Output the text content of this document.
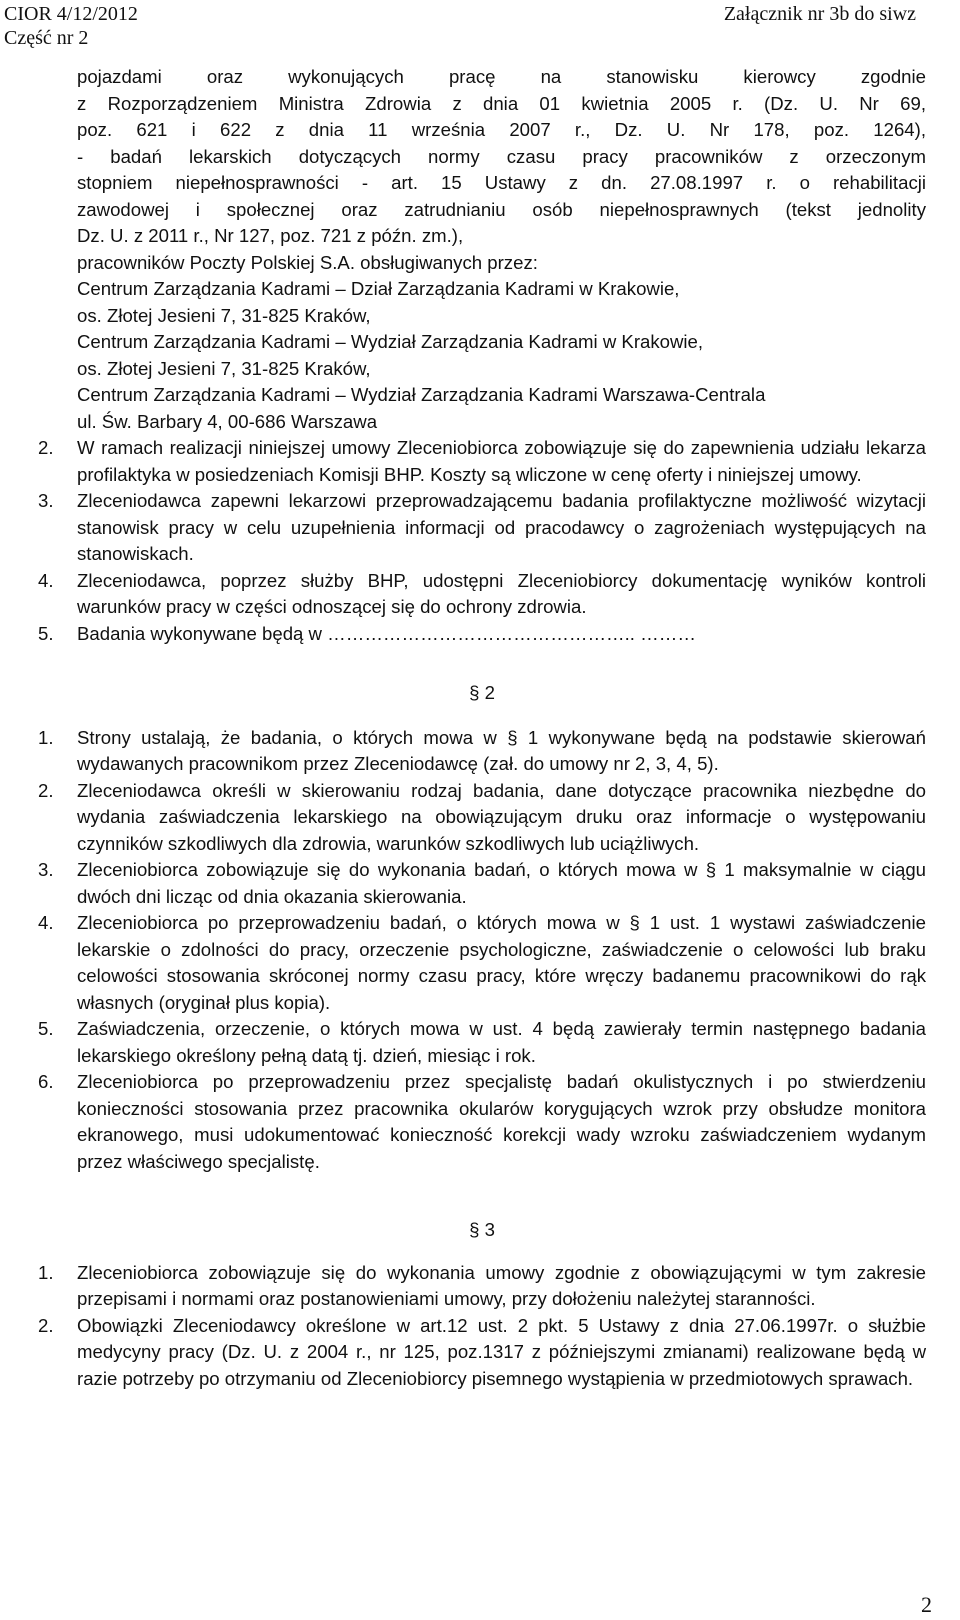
CIOR 4/12/2012
Część nr 2
Załącznik nr 3b do siwz
pojazdami oraz wykonujących pracę na stanowisku kierowcy zgodnie
z Rozporządzeniem Ministra Zdrowia z dnia 01 kwietnia 2005 r. (Dz. U. Nr 69,
poz. 621 i 622 z dnia 11 września 2007 r., Dz. U. Nr 178, poz. 1264),
- badań lekarskich dotyczących normy czasu pracy pracowników z orzeczonym
stopniem niepełnosprawności - art. 15 Ustawy z dn. 27.08.1997 r. o rehabilitacji
zawodowej i społecznej oraz zatrudnianiu osób niepełnosprawnych (tekst jednolity
Dz. U. z 2011 r., Nr 127, poz. 721 z późn. zm.),
pracowników Poczty Polskiej S.A. obsługiwanych przez:
Centrum Zarządzania Kadrami – Dział Zarządzania Kadrami w Krakowie,
os. Złotej Jesieni 7, 31-825 Kraków,
Centrum Zarządzania Kadrami – Wydział Zarządzania Kadrami w Krakowie,
os. Złotej Jesieni 7, 31-825 Kraków,
Centrum Zarządzania Kadrami – Wydział Zarządzania Kadrami Warszawa-Centrala
ul. Św. Barbary 4, 00-686 Warszawa
2.	W ramach realizacji niniejszej umowy Zleceniobiorca zobowiązuje się do zapewnienia udziału lekarza profilaktyka w posiedzeniach Komisji BHP. Koszty są wliczone w cenę oferty i niniejszej umowy.
3.	Zleceniodawca zapewni lekarzowi przeprowadzającemu badania profilaktyczne możliwość wizytacji stanowisk pracy w celu uzupełnienia informacji od pracodawcy o zagrożeniach występujących na stanowiskach.
4.	Zleceniodawca, poprzez służby BHP, udostępni Zleceniobiorcy dokumentację wyników kontroli warunków pracy w części odnoszącej się do ochrony zdrowia.
5.	Badania wykonywane będą w ………………………………………….. ………
§ 2
1.	Strony ustalają, że badania, o których mowa w § 1 wykonywane będą na podstawie skierowań wydawanych pracownikom przez Zleceniodawcę (zał. do umowy nr 2, 3, 4, 5).
2.	Zleceniodawca określi w skierowaniu rodzaj badania, dane dotyczące pracownika niezbędne do wydania zaświadczenia lekarskiego na obowiązującym druku oraz informacje o występowaniu czynników szkodliwych dla zdrowia, warunków szkodliwych lub uciążliwych.
3.	Zleceniobiorca zobowiązuje się do wykonania badań, o których mowa w § 1 maksymalnie w ciągu dwóch dni licząc od dnia okazania skierowania.
4.	Zleceniobiorca po przeprowadzeniu badań, o których mowa w § 1 ust. 1 wystawi zaświadczenie lekarskie o zdolności do pracy, orzeczenie psychologiczne, zaświadczenie o celowości lub braku celowości stosowania skróconej normy czasu pracy, które wręczy badanemu pracownikowi do rąk własnych (oryginał plus kopia).
5.	Zaświadczenia, orzeczenie, o których mowa w ust. 4 będą zawierały termin następnego badania lekarskiego określony pełną datą tj. dzień, miesiąc i rok.
6.	Zleceniobiorca po przeprowadzeniu przez specjalistę badań okulistycznych i po stwierdzeniu konieczności stosowania przez pracownika okularów korygujących wzrok przy obsłudze monitora ekranowego, musi udokumentować konieczność korekcji wady wzroku zaświadczeniem wydanym przez właściwego specjalistę.
§ 3
1.	Zleceniobiorca zobowiązuje się do wykonania umowy zgodnie z obowiązującymi w tym zakresie przepisami i normami oraz postanowieniami umowy, przy dołożeniu należytej staranności.
2.	Obowiązki Zleceniodawcy określone w art.12 ust. 2 pkt. 5 Ustawy z dnia 27.06.1997r. o służbie medycyny pracy (Dz. U. z 2004 r., nr 125, poz.1317 z późniejszymi zmianami) realizowane będą w razie potrzeby po otrzymaniu od Zleceniobiorcy pisemnego wystąpienia w przedmiotowych sprawach.
2
